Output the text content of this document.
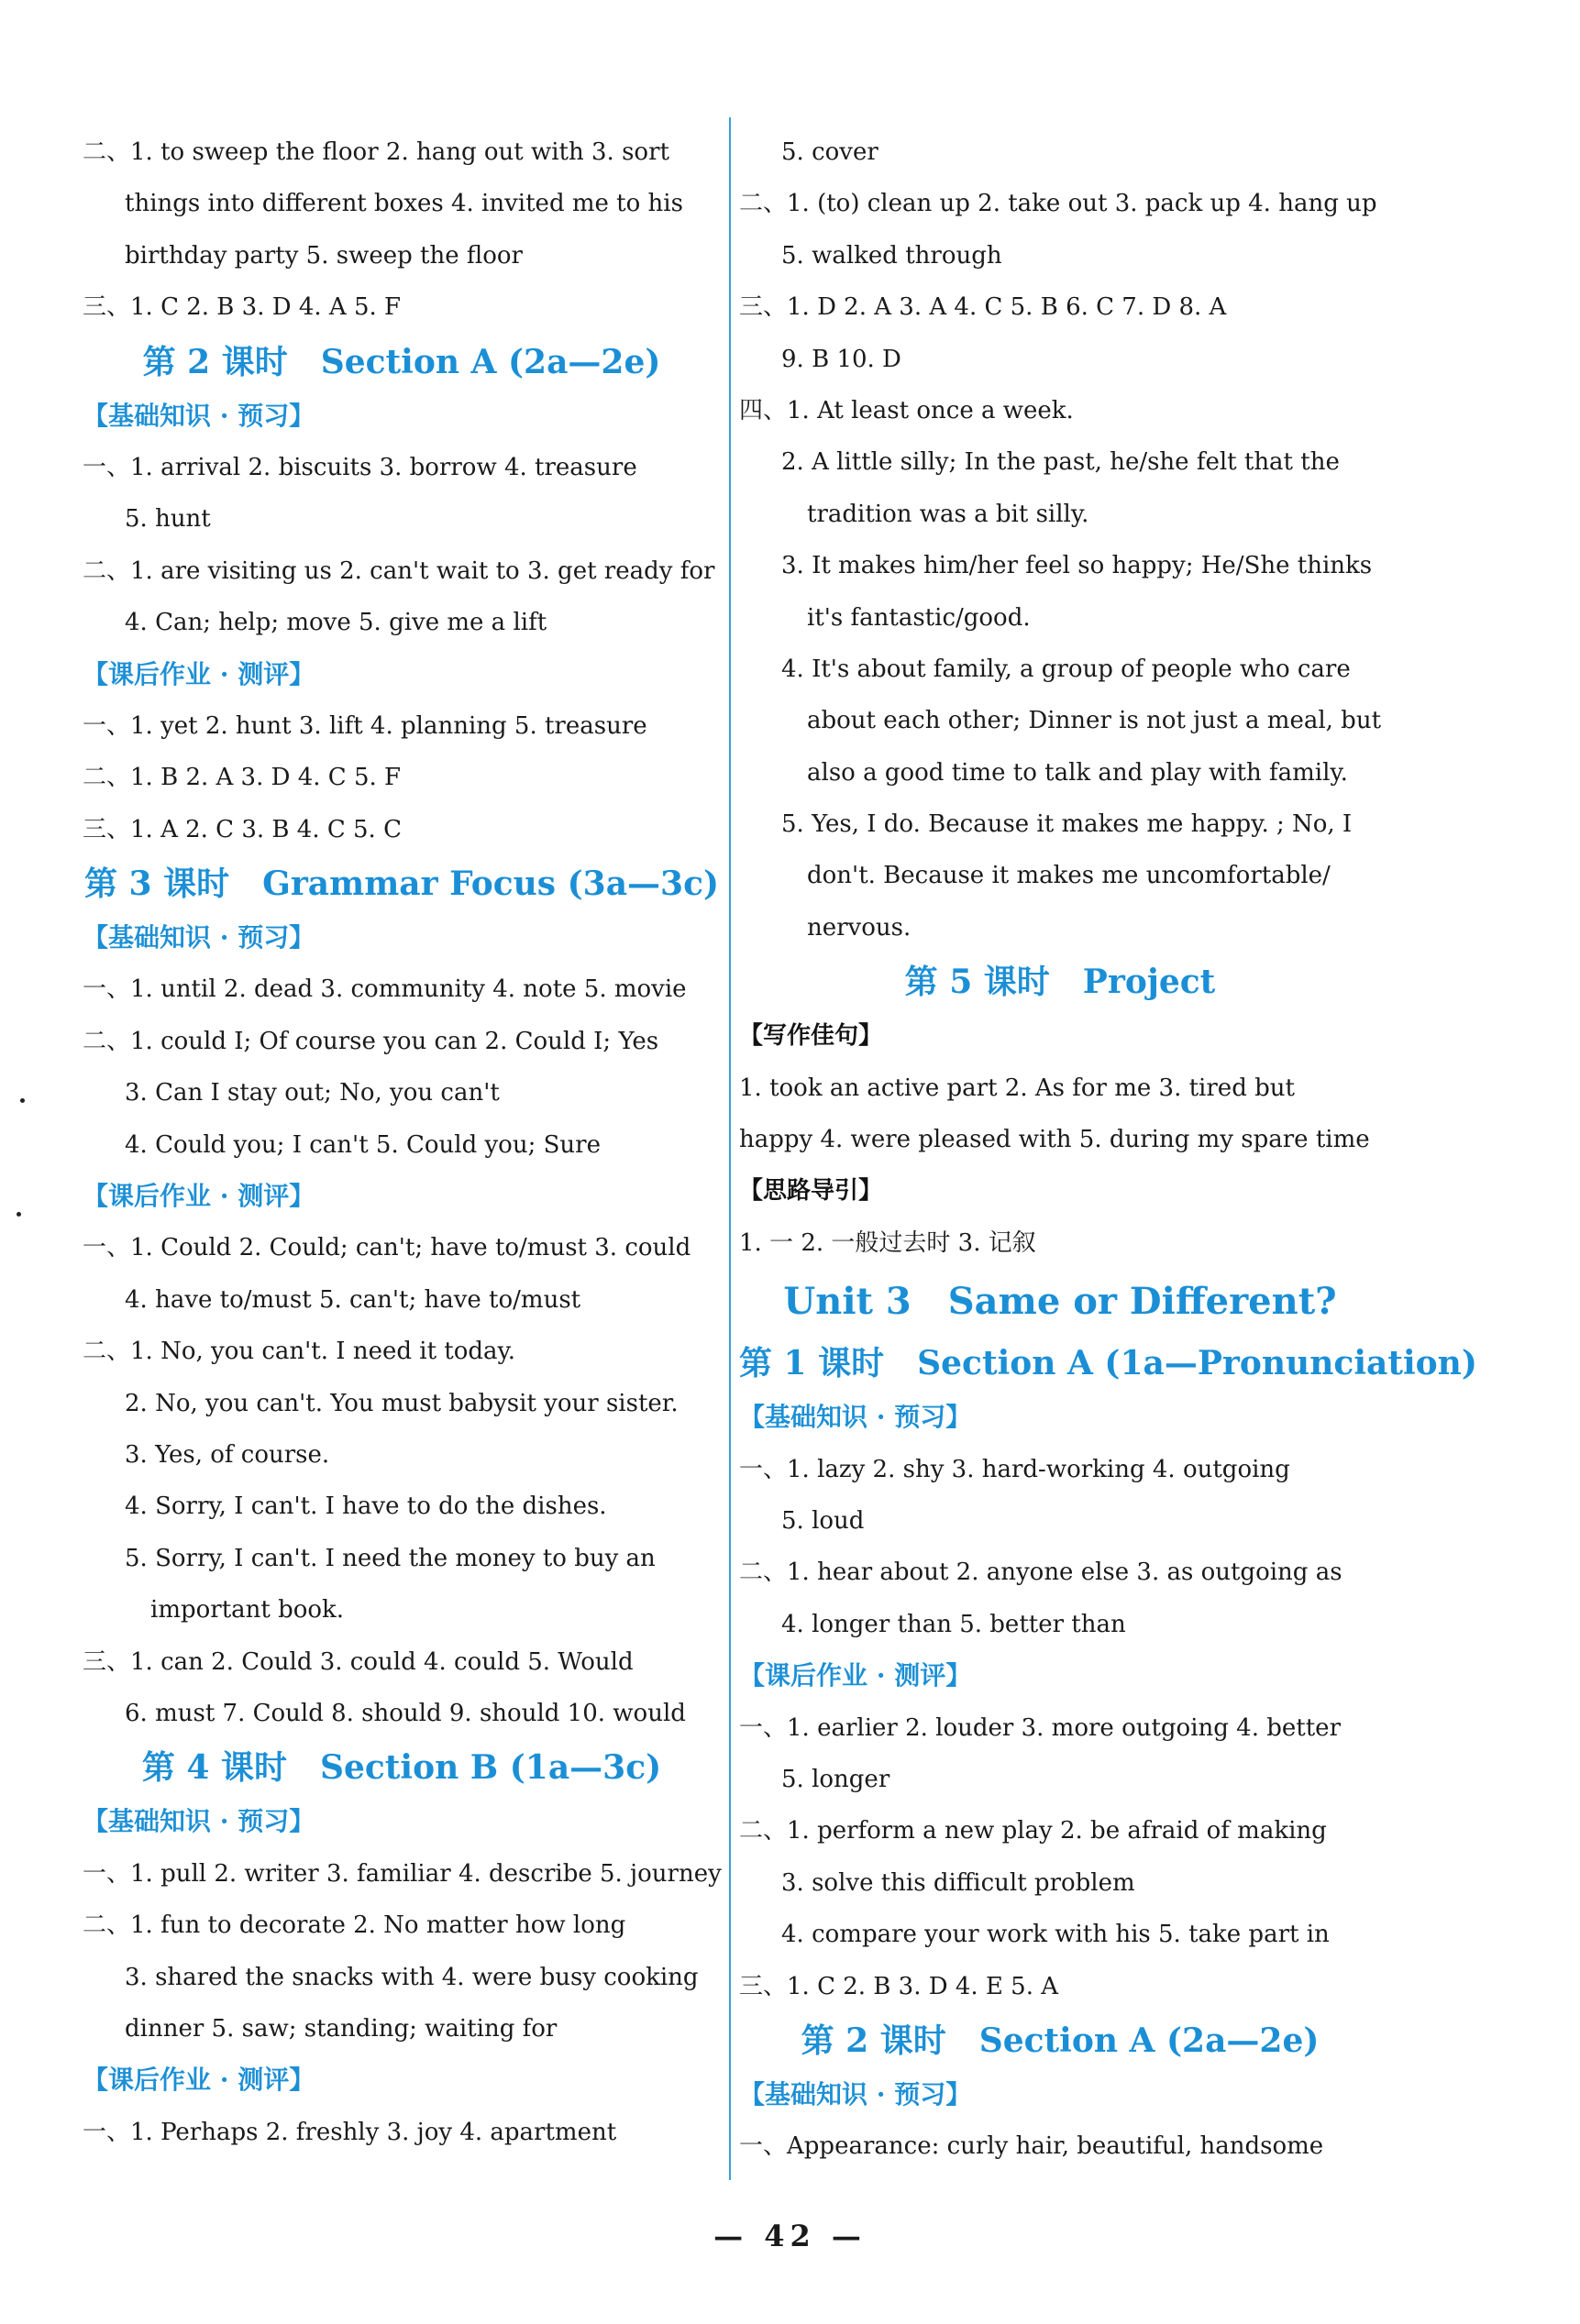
二、1. to sweep the floor 2. hang out with 3. sort
things into different boxes 4. invited me to his
birthday party 5. sweep the floor
三、1. C 2. B 3. D 4. A 5. F
第 2 课时　Section A (2a—2e)
【基础知识 · 预习】
一、1. arrival 2. biscuits 3. borrow 4. treasure
5. hunt
二、1. are visiting us 2. can't wait to 3. get ready for
4. Can; help; move 5. give me a lift
【课后作业 · 测评】
一、1. yet 2. hunt 3. lift 4. planning 5. treasure
二、1. B 2. A 3. D 4. C 5. F
三、1. A 2. C 3. B 4. C 5. C
第 3 课时　Grammar Focus (3a—3c)
【基础知识 · 预习】
一、1. until 2. dead 3. community 4. note 5. movie
二、1. could I; Of course you can 2. Could I; Yes
3. Can I stay out; No, you can't
4. Could you; I can't 5. Could you; Sure
【课后作业 · 测评】
一、1. Could 2. Could; can't; have to/must 3. could
4. have to/must 5. can't; have to/must
二、1. No, you can't. I need it today.
2. No, you can't. You must babysit your sister.
3. Yes, of course.
4. Sorry, I can't. I have to do the dishes.
5. Sorry, I can't. I need the money to buy an
important book.
三、1. can 2. Could 3. could 4. could 5. Would
6. must 7. Could 8. should 9. should 10. would
第 4 课时　Section B (1a—3c)
【基础知识 · 预习】
一、1. pull 2. writer 3. familiar 4. describe 5. journey
二、1. fun to decorate 2. No matter how long
3. shared the snacks with 4. were busy cooking
dinner 5. saw; standing; waiting for
【课后作业 · 测评】
一、1. Perhaps 2. freshly 3. joy 4. apartment
5. cover
二、1. (to) clean up 2. take out 3. pack up 4. hang up
5. walked through
三、1. D 2. A 3. A 4. C 5. B 6. C 7. D 8. A
9. B 10. D
四、1. At least once a week.
2. A little silly; In the past, he/she felt that the
tradition was a bit silly.
3. It makes him/her feel so happy; He/She thinks
it's fantastic/good.
4. It's about family, a group of people who care
about each other; Dinner is not just a meal, but
also a good time to talk and play with family.
5. Yes, I do. Because it makes me happy. ; No, I
don't. Because it makes me uncomfortable/
nervous.
第 5 课时　Project
【写作佳句】
1. took an active part 2. As for me 3. tired but
happy 4. were pleased with 5. during my spare time
【思路导引】
1. 一 2. 一般过去时 3. 记叙
Unit 3　Same or Different?
第 1 课时　Section A (1a—Pronunciation)
【基础知识 · 预习】
一、1. lazy 2. shy 3. hard-working 4. outgoing
5. loud
二、1. hear about 2. anyone else 3. as outgoing as
4. longer than 5. better than
【课后作业 · 测评】
一、1. earlier 2. louder 3. more outgoing 4. better
5. longer
二、1. perform a new play 2. be afraid of making
3. solve this difficult problem
4. compare your work with his 5. take part in
三、1. C 2. B 3. D 4. E 5. A
第 2 课时　Section A (2a—2e)
【基础知识 · 预习】
一、Appearance: curly hair, beautiful, handsome
— 42 —
